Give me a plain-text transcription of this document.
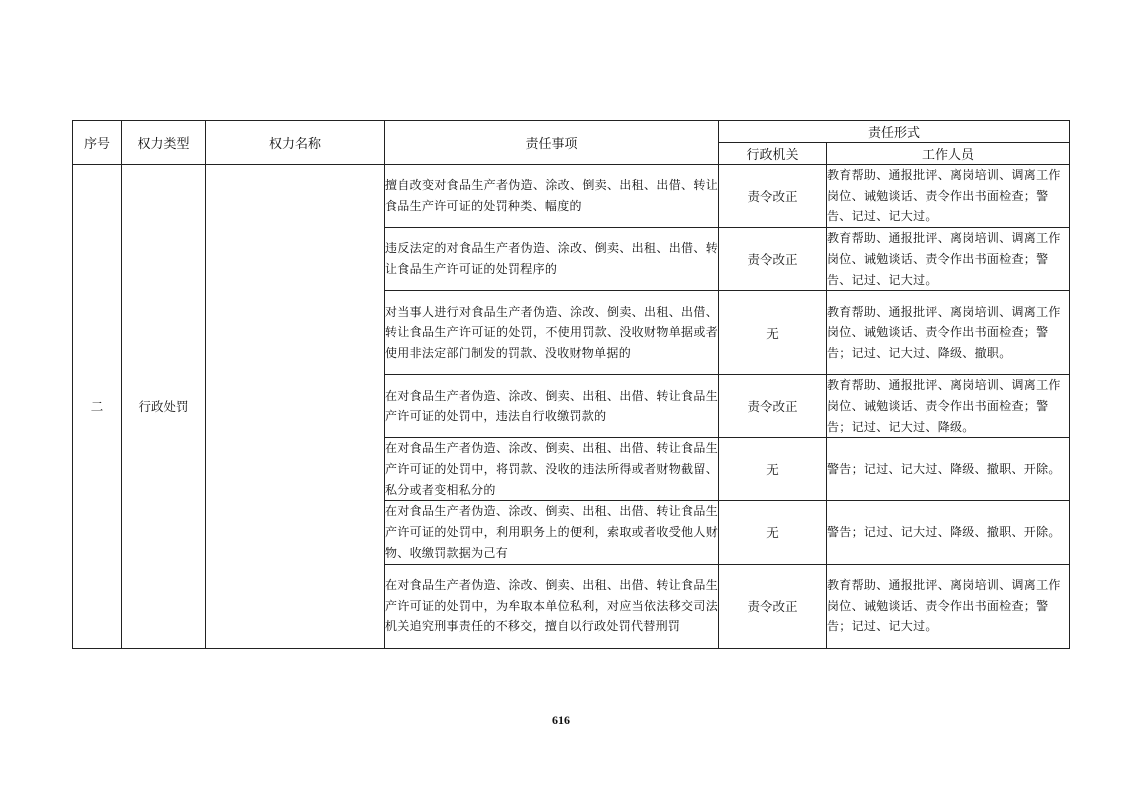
序号	权力类型	权力名称	责任事项	责任形式	
				行政机关	工作人员
二	行政处罚		擅自改变对食品生产者伪造、涂改、倒卖、出租、出借、转让食品生产许可证的处罚种类、幅度的	责令改正	教育帮助、通报批评、离岗培训、调离工作岗位、诫勉谈话、责令作出书面检查；警告、记过、记大过。
			违反法定的对食品生产者伪造、涂改、倒卖、出租、出借、转让食品生产许可证的处罚程序的	责令改正	教育帮助、通报批评、离岗培训、调离工作岗位、诫勉谈话、责令作出书面检查；警告、记过、记大过。
			对当事人进行对食品生产者伪造、涂改、倒卖、出租、出借、转让食品生产许可证的处罚，不使用罚款、没收财物单据或者使用非法定部门制发的罚款、没收财物单据的	无	教育帮助、通报批评、离岗培训、调离工作岗位、诫勉谈话、责令作出书面检查；警告；记过、记大过、降级、撤职。
			在对食品生产者伪造、涂改、倒卖、出租、出借、转让食品生产许可证的处罚中，违法自行收缴罚款的	责令改正	教育帮助、通报批评、离岗培训、调离工作岗位、诫勉谈话、责令作出书面检查；警告；记过、记大过、降级。
			在对食品生产者伪造、涂改、倒卖、出租、出借、转让食品生产许可证的处罚中，将罚款、没收的违法所得或者财物截留、私分或者变相私分的	无	警告；记过、记大过、降级、撤职、开除。
			在对食品生产者伪造、涂改、倒卖、出租、出借、转让食品生产许可证的处罚中，利用职务上的便利，索取或者收受他人财物、收缴罚款据为己有	无	警告；记过、记大过、降级、撤职、开除。
			在对食品生产者伪造、涂改、倒卖、出租、出借、转让食品生产许可证的处罚中，为牟取本单位私利，对应当依法移交司法机关追究刑事责任的不移交，擅自以行政处罚代替刑罚	责令改正	教育帮助、通报批评、离岗培训、调离工作岗位、诫勉谈话、责令作出书面检查；警告；记过、记大过。
616
